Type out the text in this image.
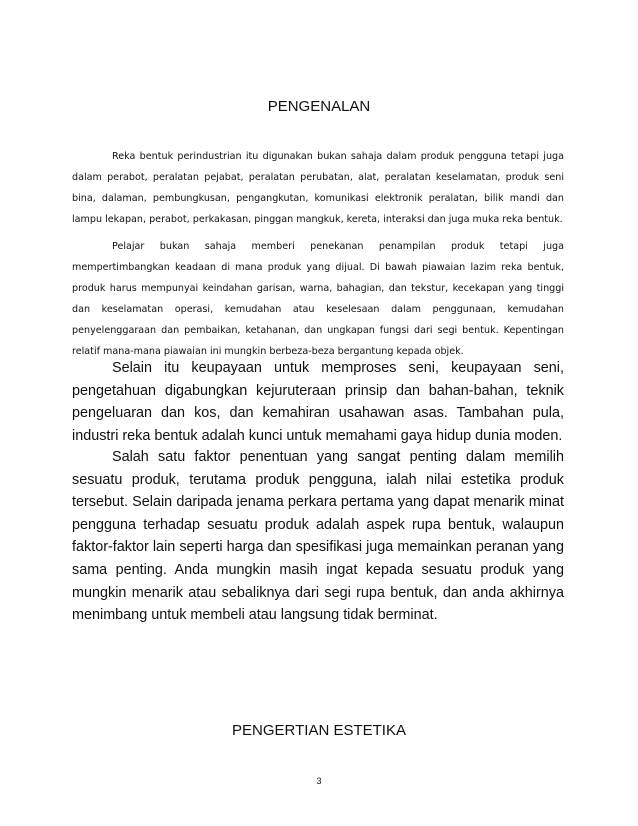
PENGENALAN

Reka bentuk perindustrian itu digunakan bukan sahaja dalam produk pengguna tetapi juga dalam perabot, peralatan pejabat, peralatan perubatan, alat, peralatan keselamatan, produk seni bina, dalaman, pembungkusan, pengangkutan, komunikasi elektronik peralatan, bilik mandi dan lampu lekapan, perabot, perkakasan, pinggan mangkuk, kereta, interaksi dan juga muka reka bentuk.

Pelajar bukan sahaja memberi penekanan penampilan produk tetapi juga mempertimbangkan keadaan di mana produk yang dijual. Di bawah piawaian lazim reka bentuk, produk harus mempunyai keindahan garisan, warna, bahagian, dan tekstur, kecekapan yang tinggi dan keselamatan operasi, kemudahan atau keselesaan dalam penggunaan, kemudahan penyelenggaraan dan pembaikan, ketahanan, dan ungkapan fungsi dari segi bentuk. Kepentingan relatif mana-mana piawaian ini mungkin berbeza-beza bergantung kepada objek.

Selain itu keupayaan untuk memproses seni, keupayaan seni, pengetahuan digabungkan kejuruteraan prinsip dan bahan-bahan, teknik pengeluaran dan kos, dan kemahiran usahawan asas. Tambahan pula, industri reka bentuk adalah kunci untuk memahami gaya hidup dunia moden.

Salah satu faktor penentuan yang sangat penting dalam memilih sesuatu produk, terutama produk pengguna, ialah nilai estetika produk tersebut. Selain daripada jenama perkara pertama yang dapat menarik minat pengguna terhadap sesuatu produk adalah aspek rupa bentuk, walaupun faktor-faktor lain seperti harga dan spesifikasi juga memainkan peranan yang sama penting. Anda mungkin masih ingat kepada sesuatu produk yang mungkin menarik atau sebaliknya dari segi rupa bentuk, dan anda akhirnya menimbang untuk membeli atau langsung tidak berminat.

PENGERTIAN ESTETIKA
3
